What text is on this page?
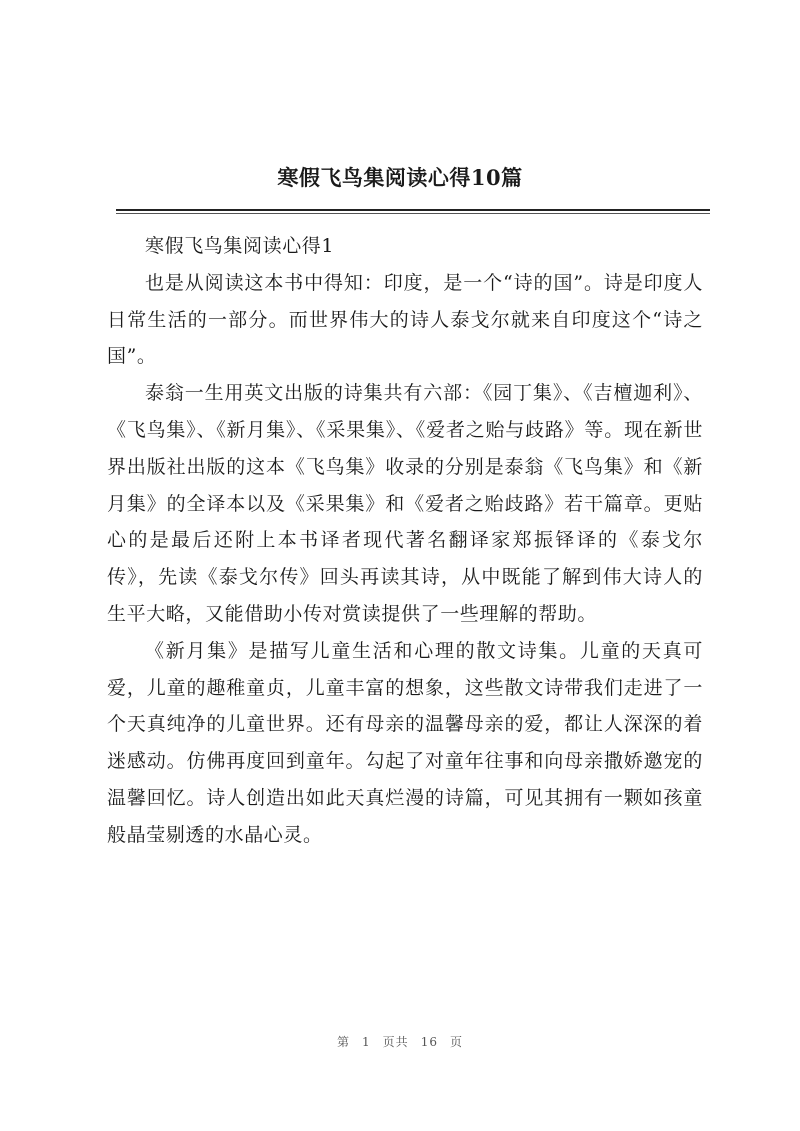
寒假飞鸟集阅读心得10篇

寒假飞鸟集阅读心得1

也是从阅读这本书中得知：印度，是一个“诗的国”。诗是印度人日常生活的一部分。而世界伟大的诗人泰戈尔就来自印度这个“诗之国”。

泰翁一生用英文出版的诗集共有六部：《园丁集》、《吉檀迦利》、《飞鸟集》、《新月集》、《采果集》、《爱者之贻与歧路》等。现在新世界出版社出版的这本《飞鸟集》收录的分别是泰翁《飞鸟集》和《新月集》的全译本以及《采果集》和《爱者之贻歧路》若干篇章。更贴心的是最后还附上本书译者现代著名翻译家郑振铎译的《泰戈尔传》，先读《泰戈尔传》回头再读其诗，从中既能了解到伟大诗人的生平大略，又能借助小传对赏读提供了一些理解的帮助。

《新月集》是描写儿童生活和心理的散文诗集。儿童的天真可爱，儿童的趣稚童贞，儿童丰富的想象，这些散文诗带我们走进了一个天真纯净的儿童世界。还有母亲的温馨母亲的爱，都让人深深的着迷感动。仿佛再度回到童年。勾起了对童年往事和向母亲撒娇邀宠的温馨回忆。诗人创造出如此天真烂漫的诗篇，可见其拥有一颗如孩童般晶莹剔透的水晶心灵。

第 1 页共 16 页
